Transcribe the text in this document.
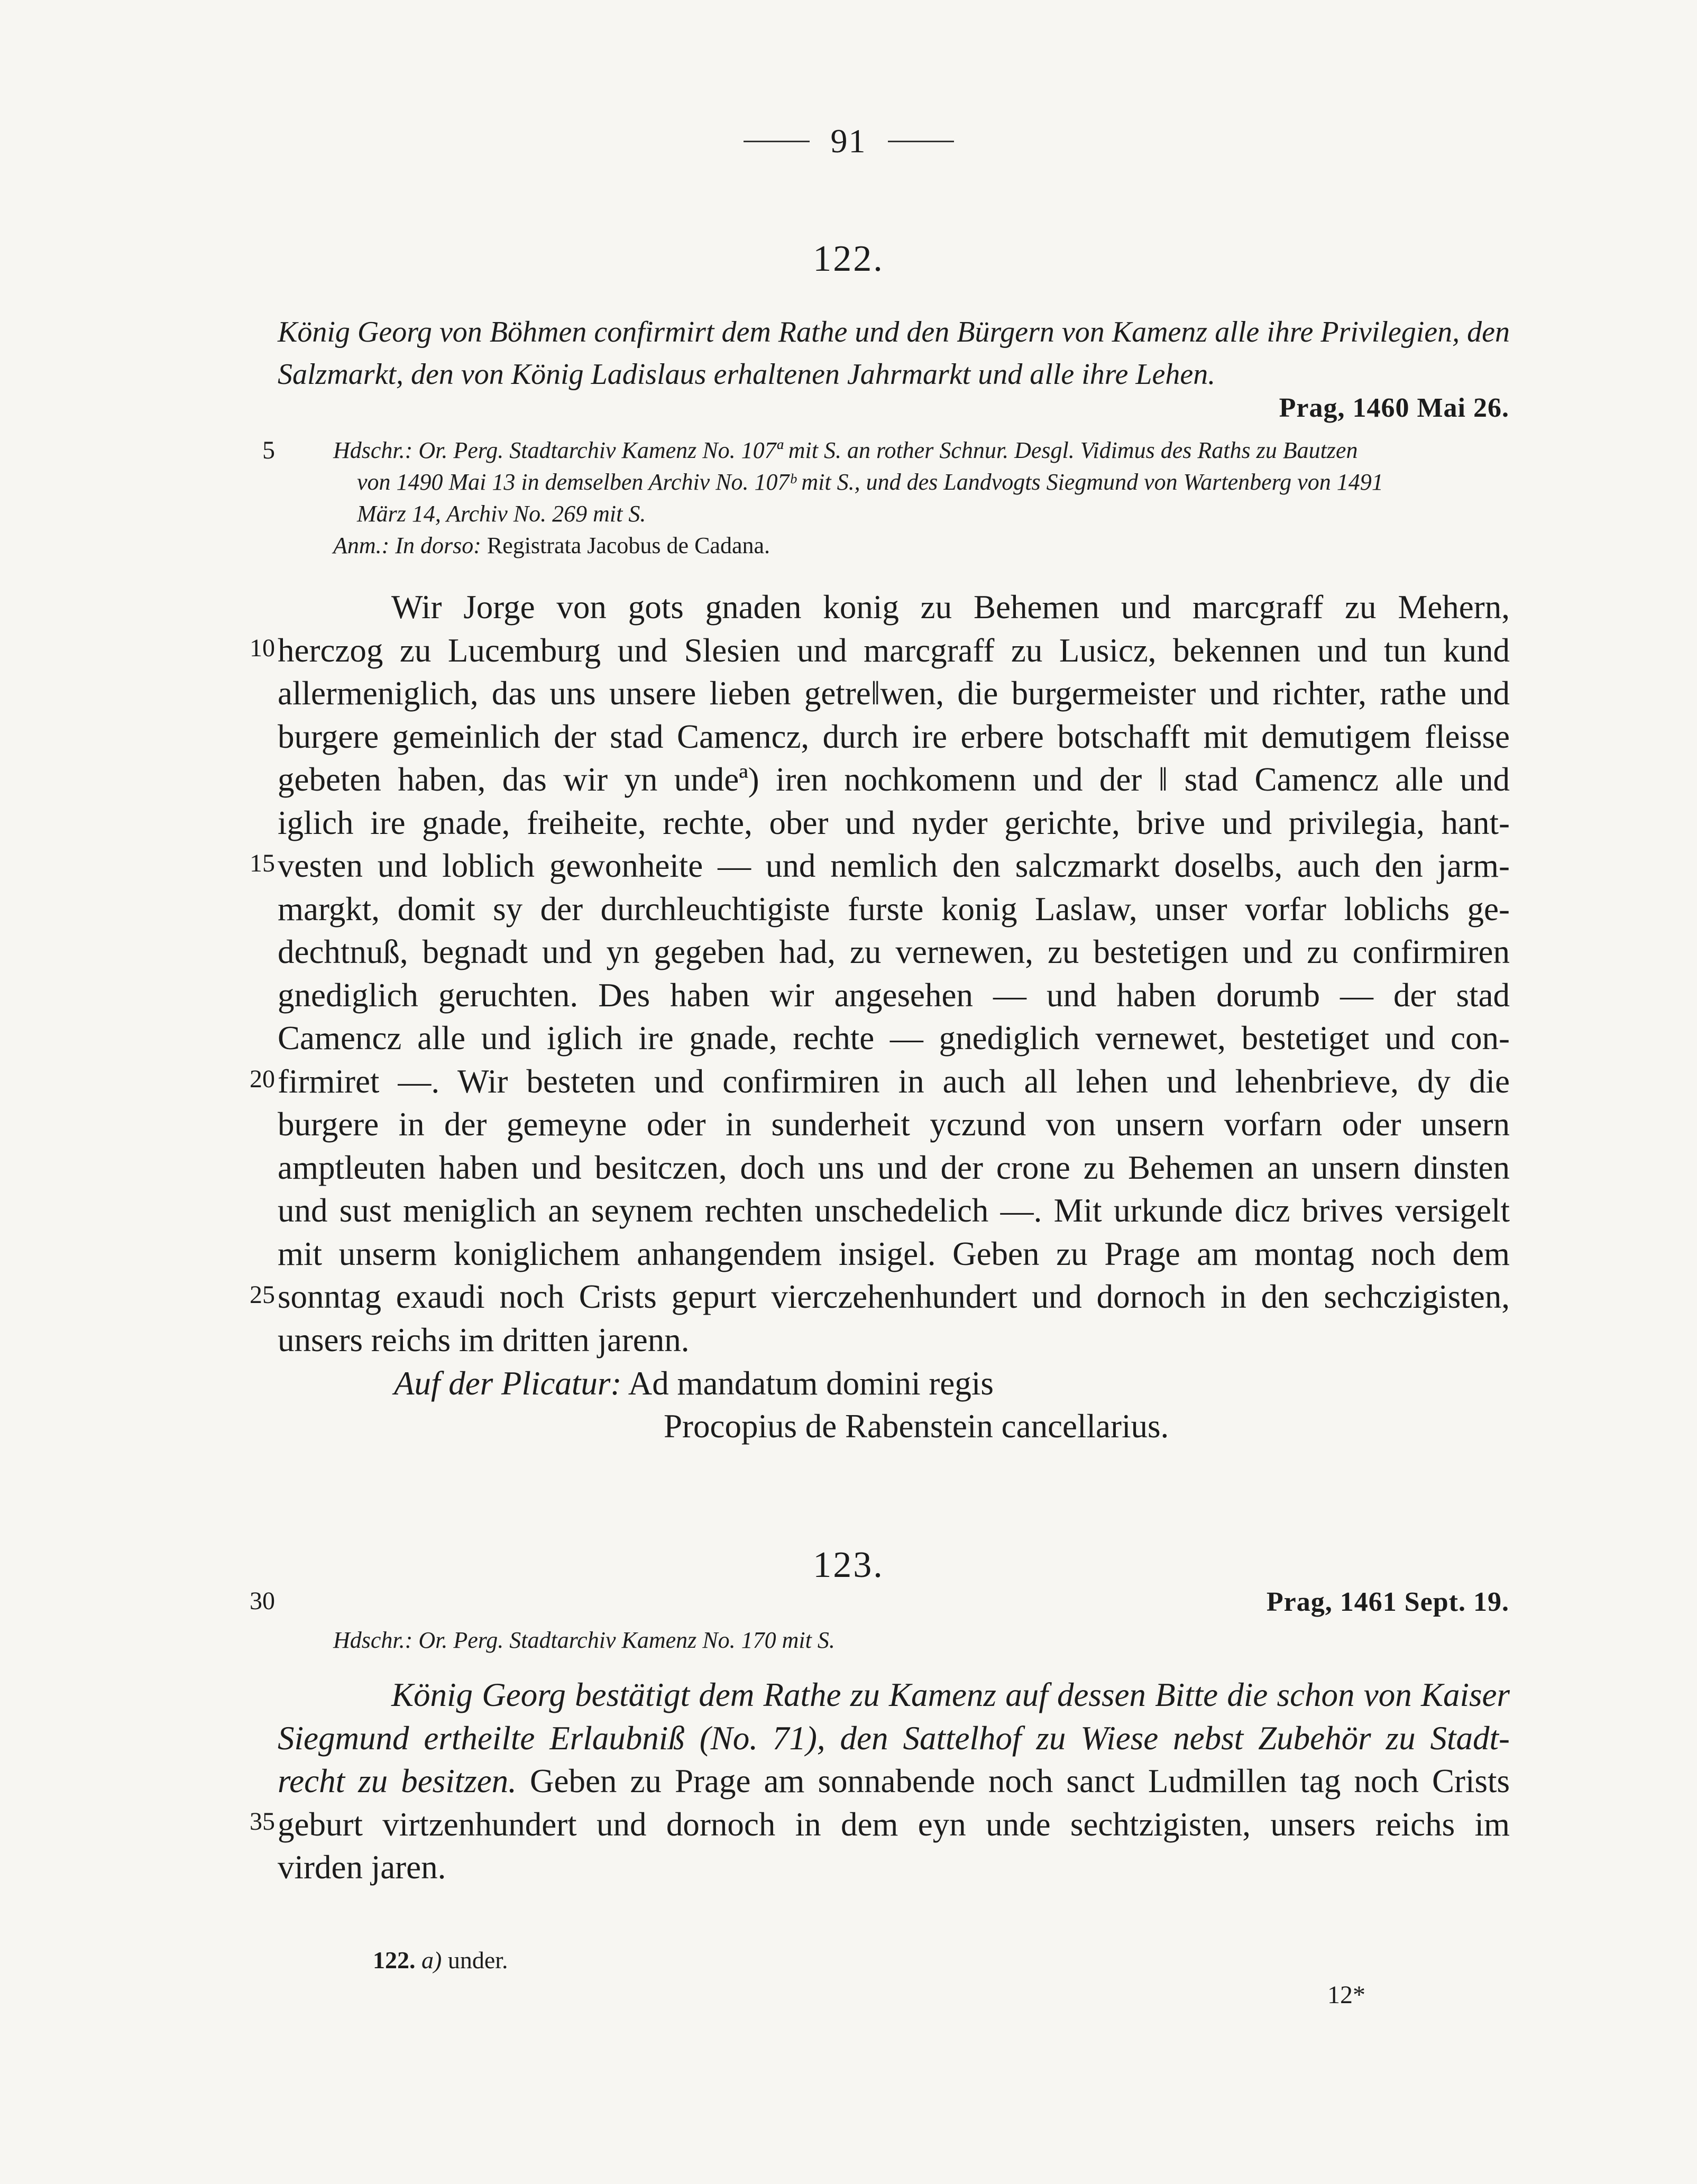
91
122.
König Georg von Böhmen confirmirt dem Rathe und den Bürgern von Kamenz alle ihre Privilegien, den Salzmarkt, den von König Ladislaus erhaltenen Jahrmarkt und alle ihre Lehen.
Prag, 1460 Mai 26.
Hdschr.: Or. Perg. Stadtarchiv Kamenz No. 107ª mit S. an rother Schnur. Desgl. Vidimus des Raths zu Bautzen
von 1490 Mai 13 in demselben Archiv No. 107ᵇ mit S., und des Landvogts Siegmund von Wartenberg von 1491
März 14, Archiv No. 269 mit S.
Anm.: In dorso: Registrata Jacobus de Cadana.
Wir Jorge von gots gnaden konig zu Behemen und marcgraff zu Mehern,
herczog zu Lucemburg und Slesien und marcgraff zu Lusicz, bekennen und tun kund
allermeniglich, das uns unsere lieben getre‖wen, die burgermeister und richter, rathe und
burgere gemeinlich der stad Camencz, durch ire erbere botschafft mit demutigem fleisse
gebeten haben, das wir yn undeª) iren nochkomenn und der ‖ stad Camencz alle und
iglich ire gnade, freiheite, rechte, ober und nyder gerichte, brive und privilegia, hant-
vesten und loblich gewonheite — und nemlich den salczmarkt doselbs, auch den jarm-
margkt, domit sy der durchleuchtigiste furste konig Laslaw, unser vorfar loblichs ge-
dechtnuß, begnadt und yn gegeben had, zu vernewen, zu bestetigen und zu confirmiren
gnediglich geruchten. Des haben wir angesehen — und haben dorumb — der stad
Camencz alle und iglich ire gnade, rechte — gnediglich vernewet, bestetiget und con-
firmiret —. Wir besteten und confirmiren in auch all lehen und lehenbrieve, dy die
burgere in der gemeyne oder in sunderheit yczund von unsern vorfarn oder unsern
amptleuten haben und besitczen, doch uns und der crone zu Behemen an unsern dinsten
und sust meniglich an seynem rechten unschedelich —. Mit urkunde dicz brives versigelt
mit unserm koniglichem anhangendem insigel. Geben zu Prage am montag noch dem
sonntag exaudi noch Crists gepurt vierczehenhundert und dornoch in den sechczigisten,
unsers reichs im dritten jarenn.
Auf der Plicatur: Ad mandatum domini regis
Procopius de Rabenstein cancellarius.
123.
Prag, 1461 Sept. 19.
Hdschr.: Or. Perg. Stadtarchiv Kamenz No. 170 mit S.
König Georg bestätigt dem Rathe zu Kamenz auf dessen Bitte die schon von Kaiser
Siegmund ertheilte Erlaubniß (No. 71), den Sattelhof zu Wiese nebst Zubehör zu Stadt-
recht zu besitzen. Geben zu Prage am sonnabende noch sanct Ludmillen tag noch Crists
geburt virtzenhundert und dornoch in dem eyn unde sechtzigisten, unsers reichs im
virden jaren.
5
10
15
20
25
30
35
122. a) under.
12*
